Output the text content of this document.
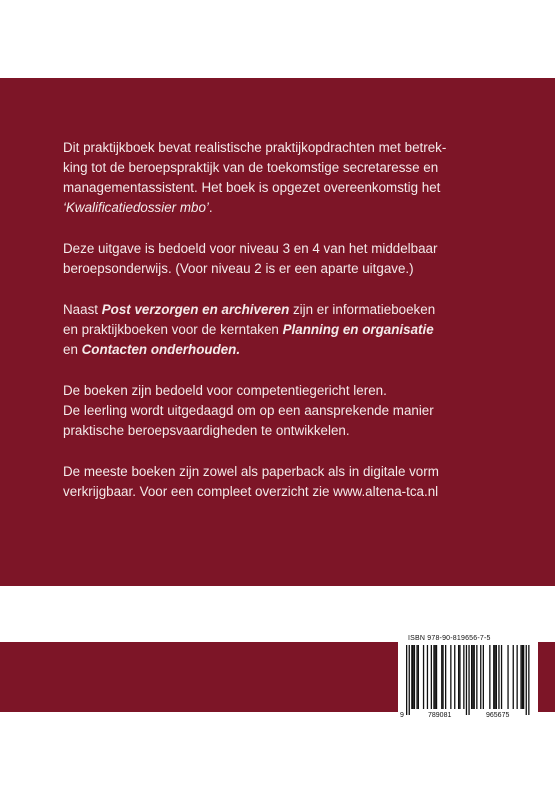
Dit praktijkboek bevat realistische praktijkopdrachten met betrek-
king tot de beroepspraktijk van de toekomstige secretaresse en
managementassistent. Het boek is opgezet overeenkomstig het
‘Kwalificatiedossier mbo’.

Deze uitgave is bedoeld voor niveau 3 en 4 van het middelbaar
beroepsonderwijs. (Voor niveau 2 is er een aparte uitgave.)

Naast Post verzorgen en archiveren zijn er informatieboeken
en praktijkboeken voor de kerntaken Planning en organisatie
en Contacten onderhouden.

De boeken zijn bedoeld voor competentiegericht leren.
De leerling wordt uitgedaagd om op een aansprekende manier
praktische beroepsvaardigheden te ontwikkelen.

De meeste boeken zijn zowel als paperback als in digitale vorm
verkrijgbaar. Voor een compleet overzicht zie www.altena-tca.nl

ISBN 978-90-819656-7-5
9	789081	965675
